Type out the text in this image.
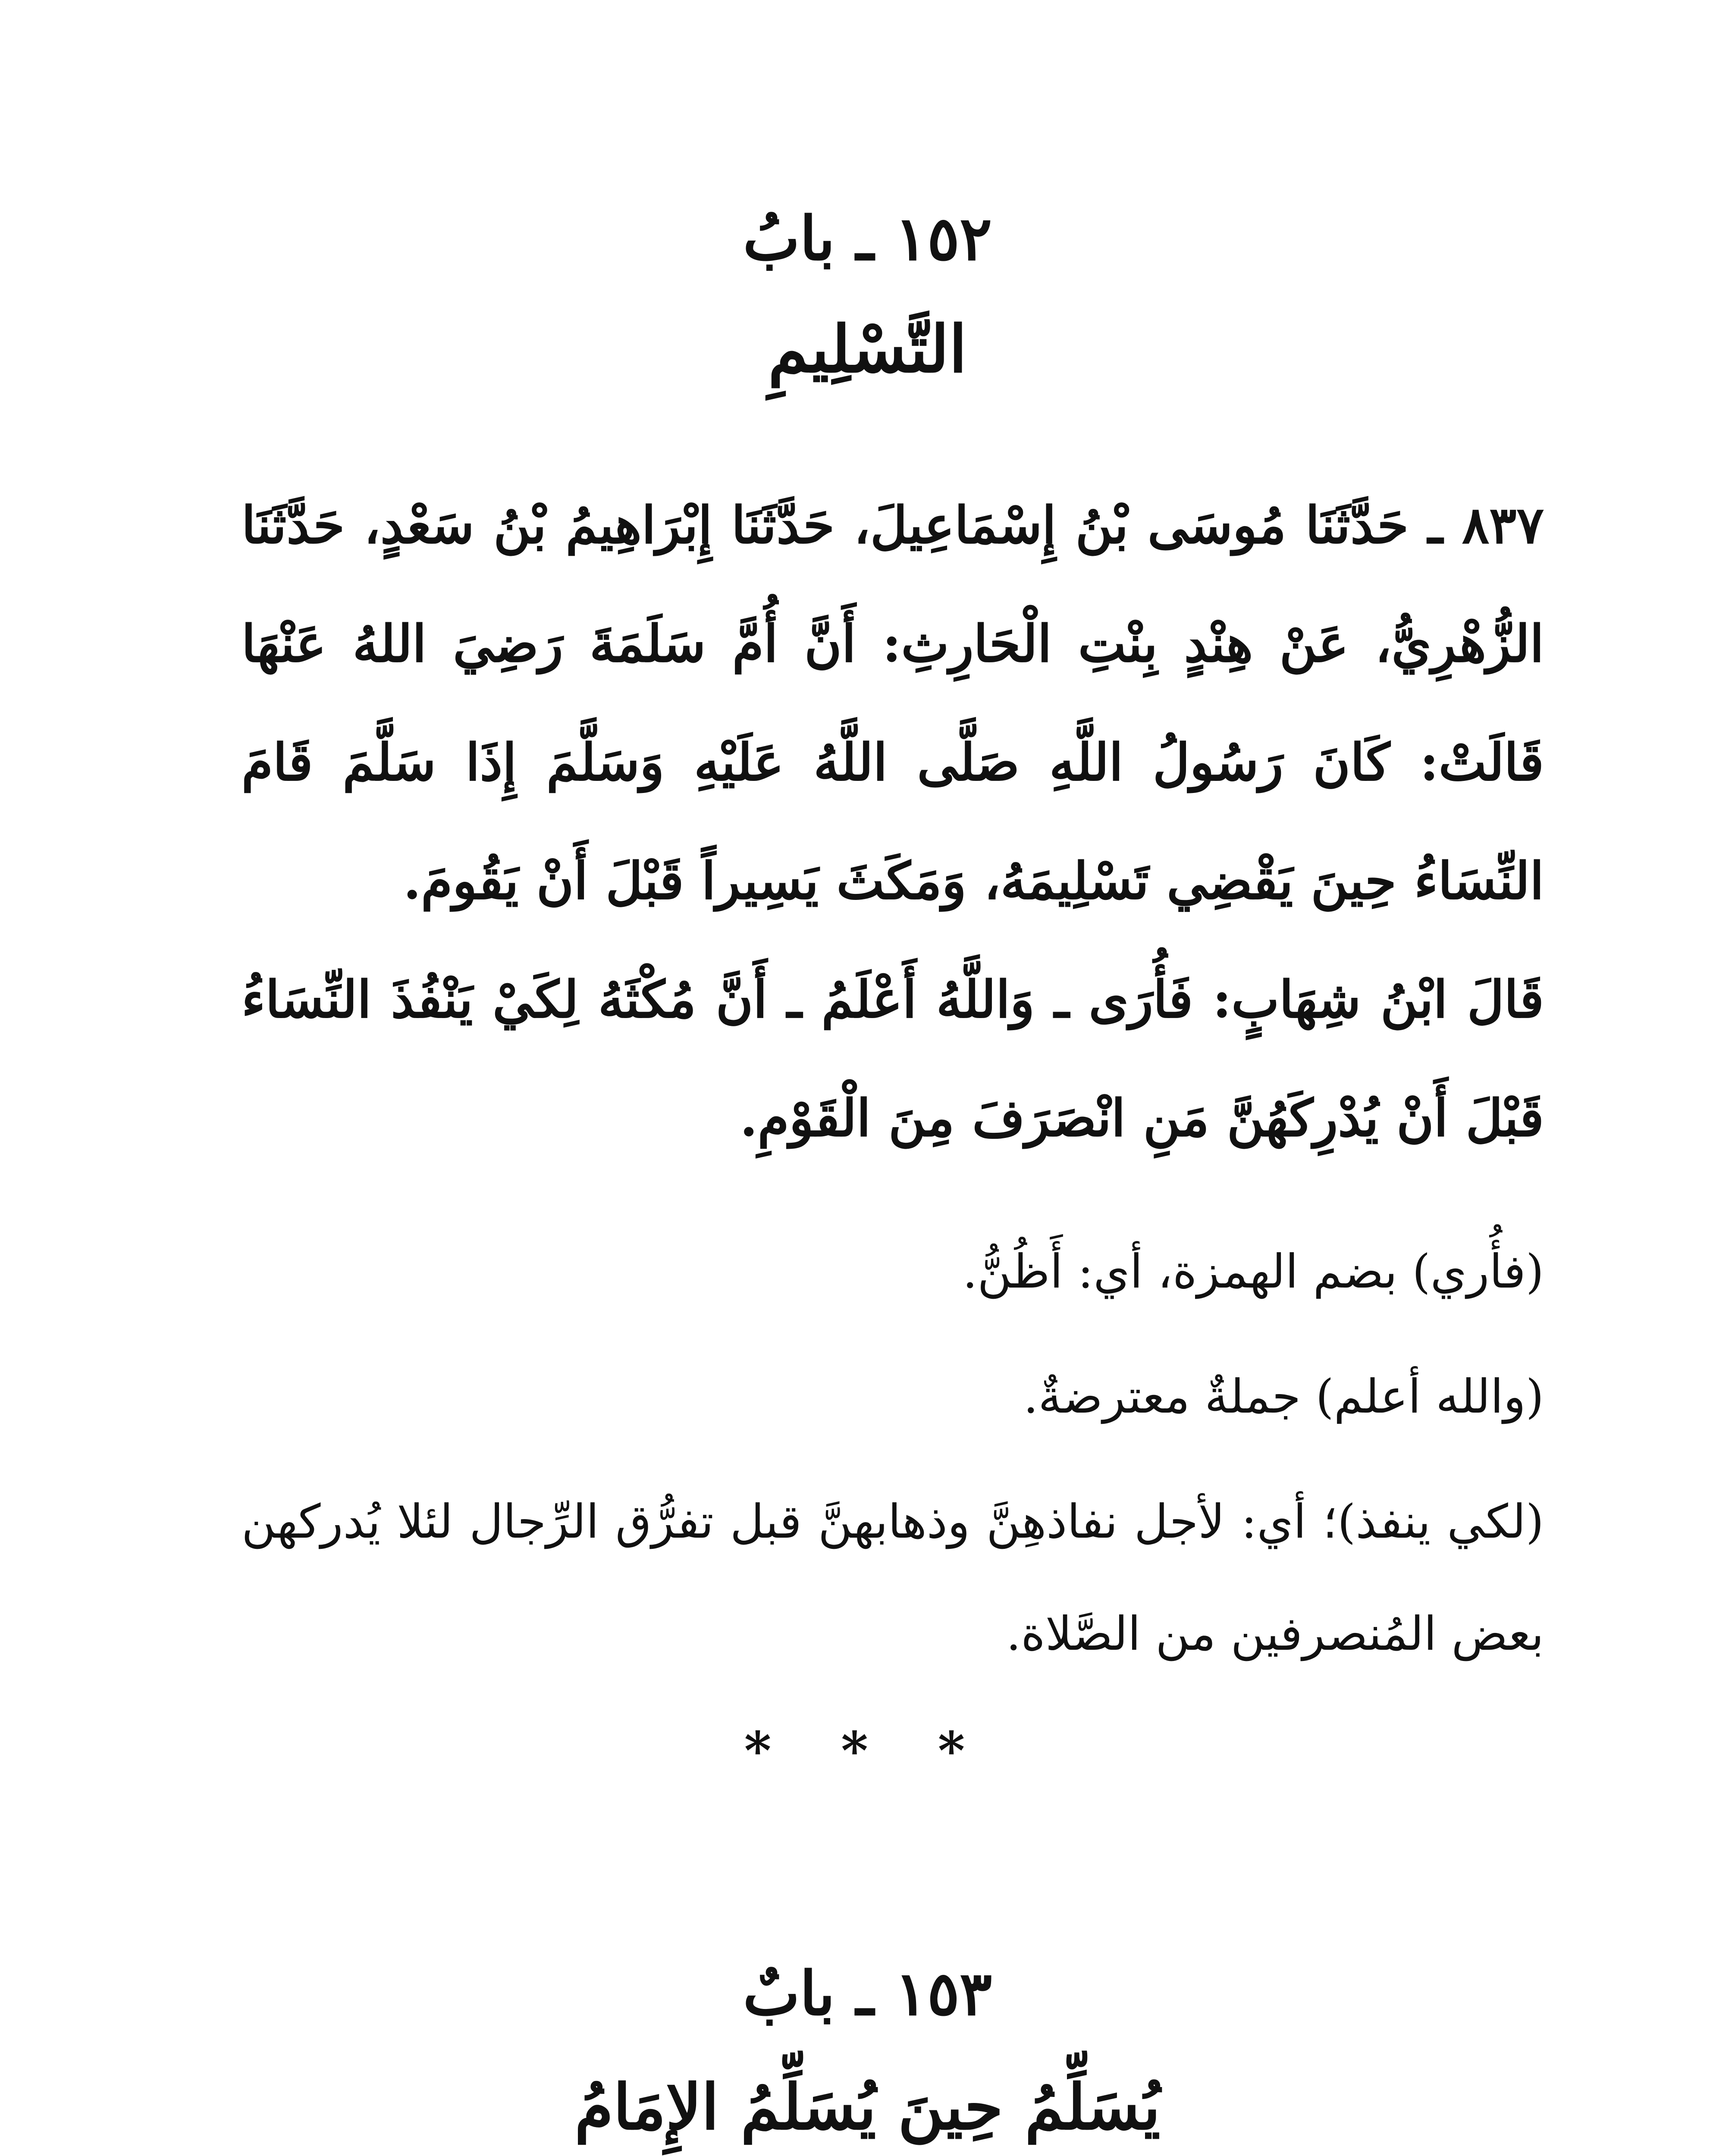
١٥٢ ـ بابُ
التَّسْلِيمِ

٨٣٧ ـ حَدَّثَنَا مُوسَى بْنُ إِسْمَاعِيلَ، حَدَّثَنَا إِبْرَاهِيمُ بْنُ سَعْدٍ، حَدَّثَنَا الزُّهْرِيُّ، عَنْ هِنْدٍ بِنْتِ الْحَارِثِ: أَنَّ أُمَّ سَلَمَةَ رَضِيَ اللهُ عَنْهَا قَالَتْ: كَانَ رَسُولُ اللَّهِ صَلَّى اللَّهُ عَلَيْهِ وَسَلَّمَ إِذَا سَلَّمَ قَامَ النِّسَاءُ حِينَ يَقْضِي تَسْلِيمَهُ، وَمَكَثَ يَسِيراً قَبْلَ أَنْ يَقُومَ.

قَالَ ابْنُ شِهَابٍ: فَأُرَى ـ وَاللَّهُ أَعْلَمُ ـ أَنَّ مُكْثَهُ لِكَيْ يَنْفُذَ النِّسَاءُ قَبْلَ أَنْ يُدْرِكَهُنَّ مَنِ انْصَرَفَ مِنَ الْقَوْمِ.

(فأُري) بضم الهمزة، أي: أَظُنُّ.

(والله أعلم) جملةٌ معترضةٌ.

(لكي ينفذ)؛ أي: لأجل نفاذهِنَّ وذهابهنَّ قبل تفرُّق الرِّجال لئلا يُدركهن بعض المُنصرفين من الصَّلاة.

* * *
١٥٣ ـ بابٌ
يُسَلِّمُ حِينَ يُسَلِّمُ الإِمَامُ
